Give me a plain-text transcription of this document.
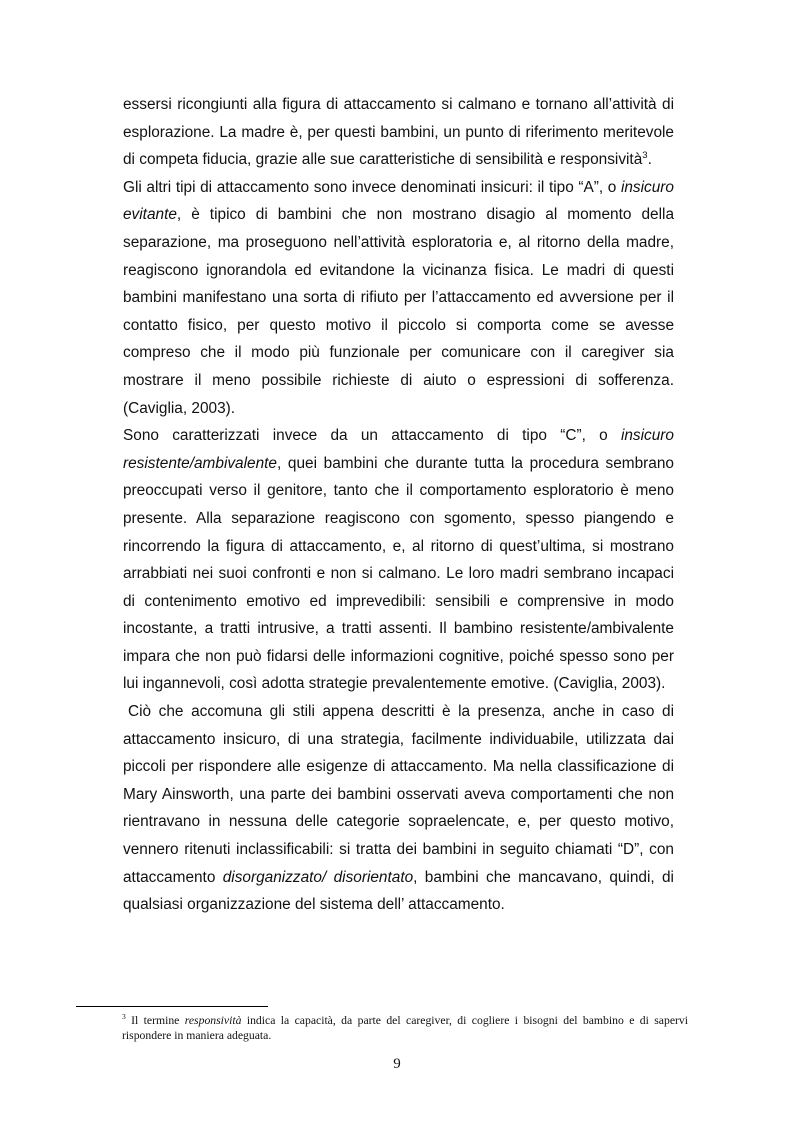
essersi ricongiunti alla figura di attaccamento si calmano e tornano all’attività di esplorazione. La madre è, per questi bambini, un punto di riferimento meritevole di competa fiducia, grazie alle sue caratteristiche di sensibilità e responsività$^3$.

Gli altri tipi di attaccamento sono invece denominati insicuri: il tipo “A”, o insicuro evitante, è tipico di bambini che non mostrano disagio al momento della separazione, ma proseguono nell’attività esploratoria e, al ritorno della madre, reagiscono ignorandola ed evitandone la vicinanza fisica. Le madri di questi bambini manifestano una sorta di rifiuto per l’attaccamento ed avversione per il contatto fisico, per questo motivo il piccolo si comporta come se avesse compreso che il modo più funzionale per comunicare con il caregiver sia mostrare il meno possibile richieste di aiuto o espressioni di sofferenza. (Caviglia, 2003).

Sono caratterizzati invece da un attaccamento di tipo “C”, o insicuro resistente/ambivalente, quei bambini che durante tutta la procedura sembrano preoccupati verso il genitore, tanto che il comportamento esploratorio è meno presente. Alla separazione reagiscono con sgomento, spesso piangendo e rincorrendo la figura di attaccamento, e, al ritorno di quest’ultima, si mostrano arrabbiati nei suoi confronti e non si calmano. Le loro madri sembrano incapaci di contenimento emotivo ed imprevedibili: sensibili e comprensive in modo incostante, a tratti intrusive, a tratti assenti. Il bambino resistente/ambivalente impara che non può fidarsi delle informazioni cognitive, poiché spesso sono per lui ingannevoli, così adotta strategie prevalentemente emotive. (Caviglia, 2003).

Ciò che accomuna gli stili appena descritti è la presenza, anche in caso di attaccamento insicuro, di una strategia, facilmente individuabile, utilizzata dai piccoli per rispondere alle esigenze di attaccamento. Ma nella classificazione di Mary Ainsworth, una parte dei bambini osservati aveva comportamenti che non rientravano in nessuna delle categorie sopraelencate, e, per questo motivo, vennero ritenuti inclassificabili: si tratta dei bambini in seguito chiamati “D”, con attaccamento disorganizzato/ disorientato, bambini che mancavano, quindi, di qualsiasi organizzazione del sistema dell’ attaccamento.

$^3$ Il termine responsività indica la capacità, da parte del caregiver, di cogliere i bisogni del bambino e di sapervi rispondere in maniera adeguata.

9
